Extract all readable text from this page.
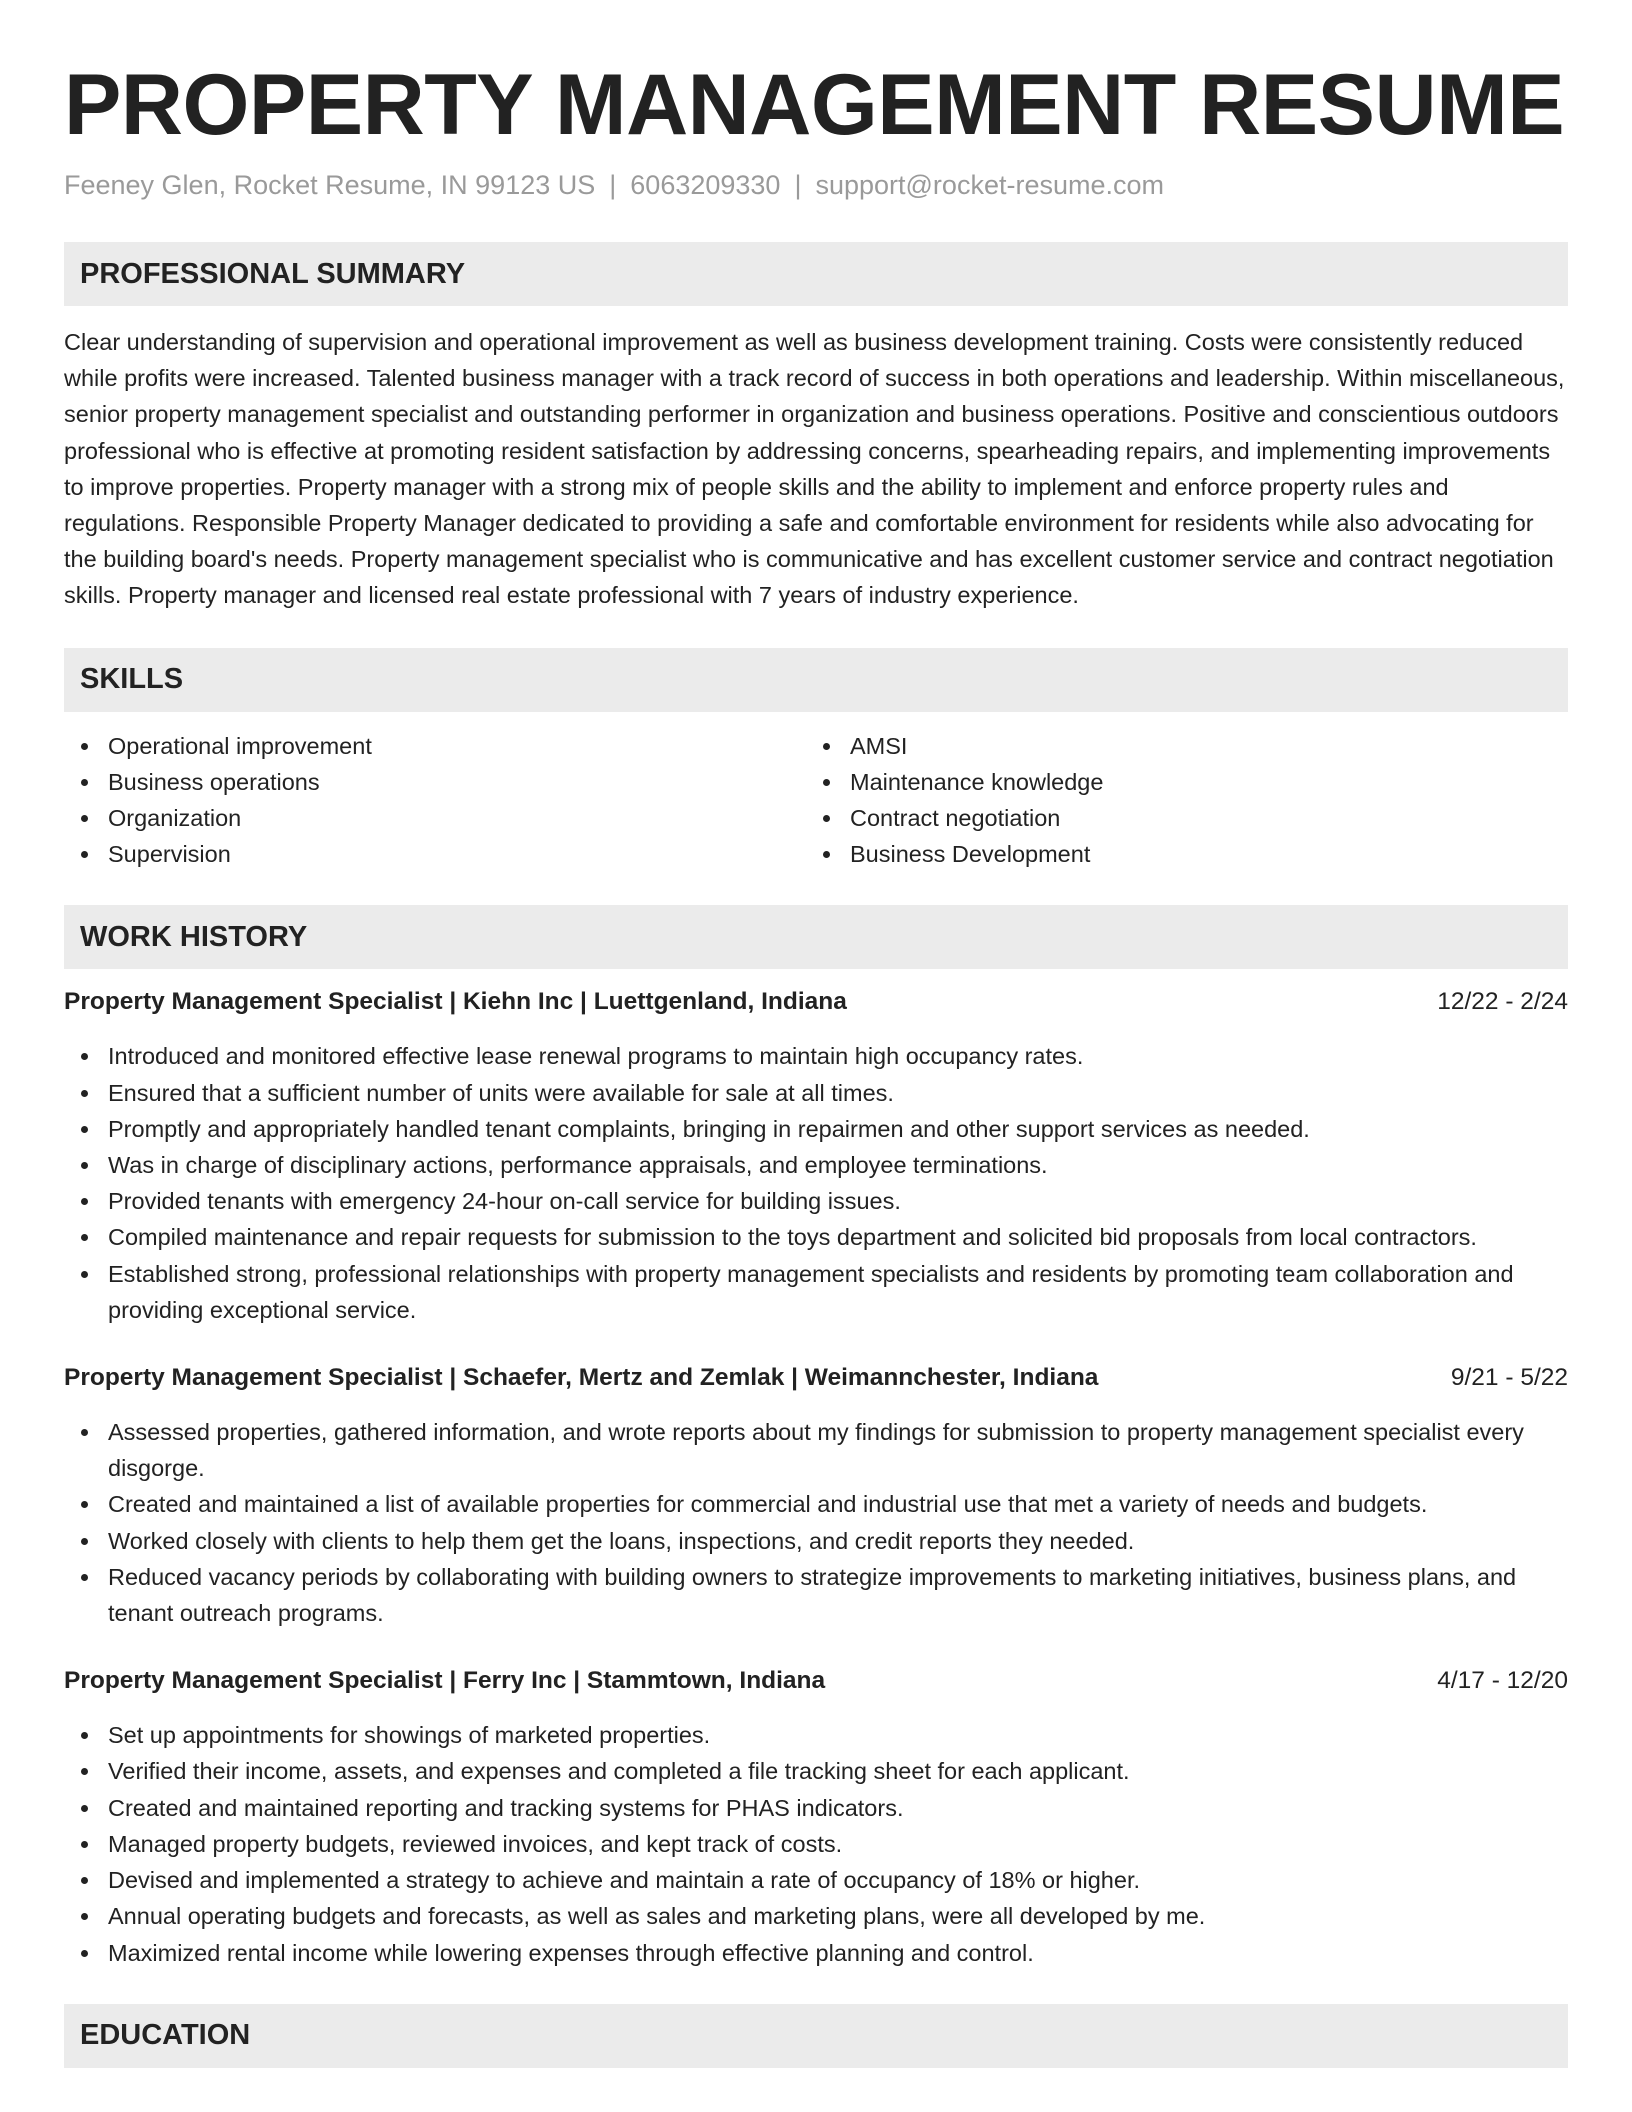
PROPERTY MANAGEMENT RESUME
Feeney Glen, Rocket Resume, IN 99123 US | 6063209330 | support@rocket-resume.com
PROFESSIONAL SUMMARY

Clear understanding of supervision and operational improvement as well as business development training. Costs were consistently reduced while profits were increased. Talented business manager with a track record of success in both operations and leadership. Within miscellaneous, senior property management specialist and outstanding performer in organization and business operations. Positive and conscientious outdoors professional who is effective at promoting resident satisfaction by addressing concerns, spearheading repairs, and implementing improvements to improve properties. Property manager with a strong mix of people skills and the ability to implement and enforce property rules and regulations. Responsible Property Manager dedicated to providing a safe and comfortable environment for residents while also advocating for the building board's needs. Property management specialist who is communicative and has excellent customer service and contract negotiation skills. Property manager and licensed real estate professional with 7 years of industry experience.

SKILLS
Operational improvement
Business operations
Organization
Supervision
AMSI
Maintenance knowledge
Contract negotiation
Business Development
WORK HISTORY
Property Management Specialist | Kiehn Inc | Luettgenland, Indiana	12/22 - 2/24
Introduced and monitored effective lease renewal programs to maintain high occupancy rates.
Ensured that a sufficient number of units were available for sale at all times.
Promptly and appropriately handled tenant complaints, bringing in repairmen and other support services as needed.
Was in charge of disciplinary actions, performance appraisals, and employee terminations.
Provided tenants with emergency 24-hour on-call service for building issues.
Compiled maintenance and repair requests for submission to the toys department and solicited bid proposals from local contractors.
Established strong, professional relationships with property management specialists and residents by promoting team collaboration and providing exceptional service.
Property Management Specialist | Schaefer, Mertz and Zemlak | Weimannchester, Indiana	9/21 - 5/22
Assessed properties, gathered information, and wrote reports about my findings for submission to property management specialist every disgorge.
Created and maintained a list of available properties for commercial and industrial use that met a variety of needs and budgets.
Worked closely with clients to help them get the loans, inspections, and credit reports they needed.
Reduced vacancy periods by collaborating with building owners to strategize improvements to marketing initiatives, business plans, and tenant outreach programs.
Property Management Specialist | Ferry Inc | Stammtown, Indiana	4/17 - 12/20
Set up appointments for showings of marketed properties.
Verified their income, assets, and expenses and completed a file tracking sheet for each applicant.
Created and maintained reporting and tracking systems for PHAS indicators.
Managed property budgets, reviewed invoices, and kept track of costs.
Devised and implemented a strategy to achieve and maintain a rate of occupancy of 18% or higher.
Annual operating budgets and forecasts, as well as sales and marketing plans, were all developed by me.
Maximized rental income while lowering expenses through effective planning and control.
EDUCATION
